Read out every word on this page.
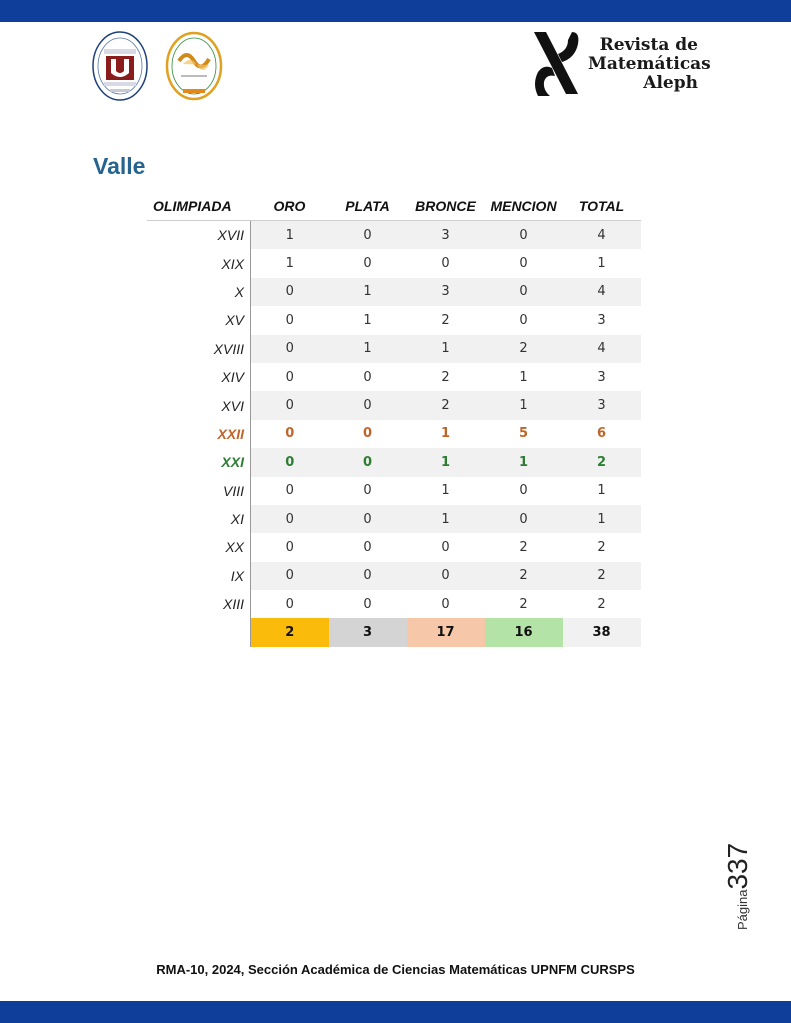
Revista de
Matemáticas
Aleph
Valle
OLIMPIADA	ORO	PLATA	BRONCE	MENCION	TOTAL
XVII	1	0	3	0	4
XIX	1	0	0	0	1
X	0	1	3	0	4
XV	0	1	2	0	3
XVIII	0	1	1	2	4
XIV	0	0	2	1	3
XVI	0	0	2	1	3
XXII	0	0	1	5	6
XXI	0	0	1	1	2
VIII	0	0	1	0	1
XI	0	0	1	0	1
XX	0	0	0	2	2
IX	0	0	0	2	2
XIII	0	0	0	2	2
	2	3	17	16	38
Página337
RMA-10, 2024, Sección Académica de Ciencias Matemáticas UPNFM CURSPS
